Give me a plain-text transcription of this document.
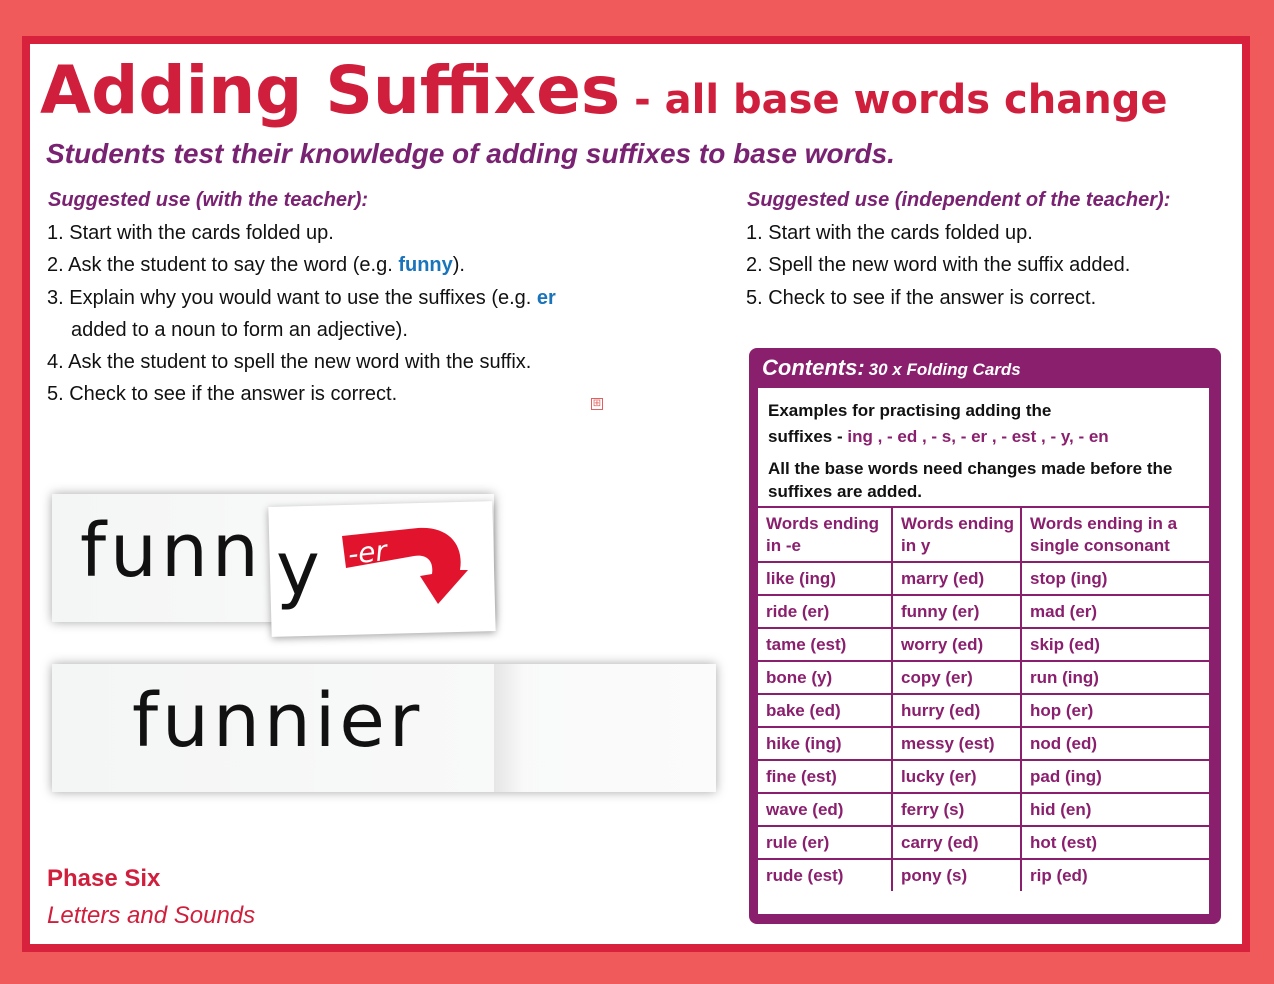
Adding Suffixes - all base words change

Students test their knowledge of adding suffixes to base words.

Suggested use (with the teacher):
1. Start with the cards folded up.
2. Ask the student to say the word (e.g. funny).
3. Explain why you would want to use the suffixes (e.g. er
added to a noun to form an adjective).
4. Ask the student to spell the new word with the suffix.
5. Check to see if the answer is correct.
Suggested use (independent of the teacher):
1. Start with the cards folded up.
2. Spell the new word with the suffix added.
5. Check to see if the answer is correct.
⊞
funn y -er
funnier
Phase Six
Letters and Sounds
Contents: 30 x Folding Cards
Examples for practising adding the
suffixes - ing , - ed , - s, - er , - est , - y, - en
All the base words need changes made before the suffixes are added.
Words ending in -e	Words ending in y	Words ending in a single consonant
like (ing)	marry (ed)	stop (ing)
ride (er)	funny (er)	mad (er)
tame (est)	worry (ed)	skip (ed)
bone (y)	copy (er)	run (ing)
bake (ed)	hurry (ed)	hop (er)
hike (ing)	messy (est)	nod (ed)
fine (est)	lucky (er)	pad (ing)
wave (ed)	ferry (s)	hid (en)
rule (er)	carry (ed)	hot (est)
rude (est)	pony (s)	rip (ed)
